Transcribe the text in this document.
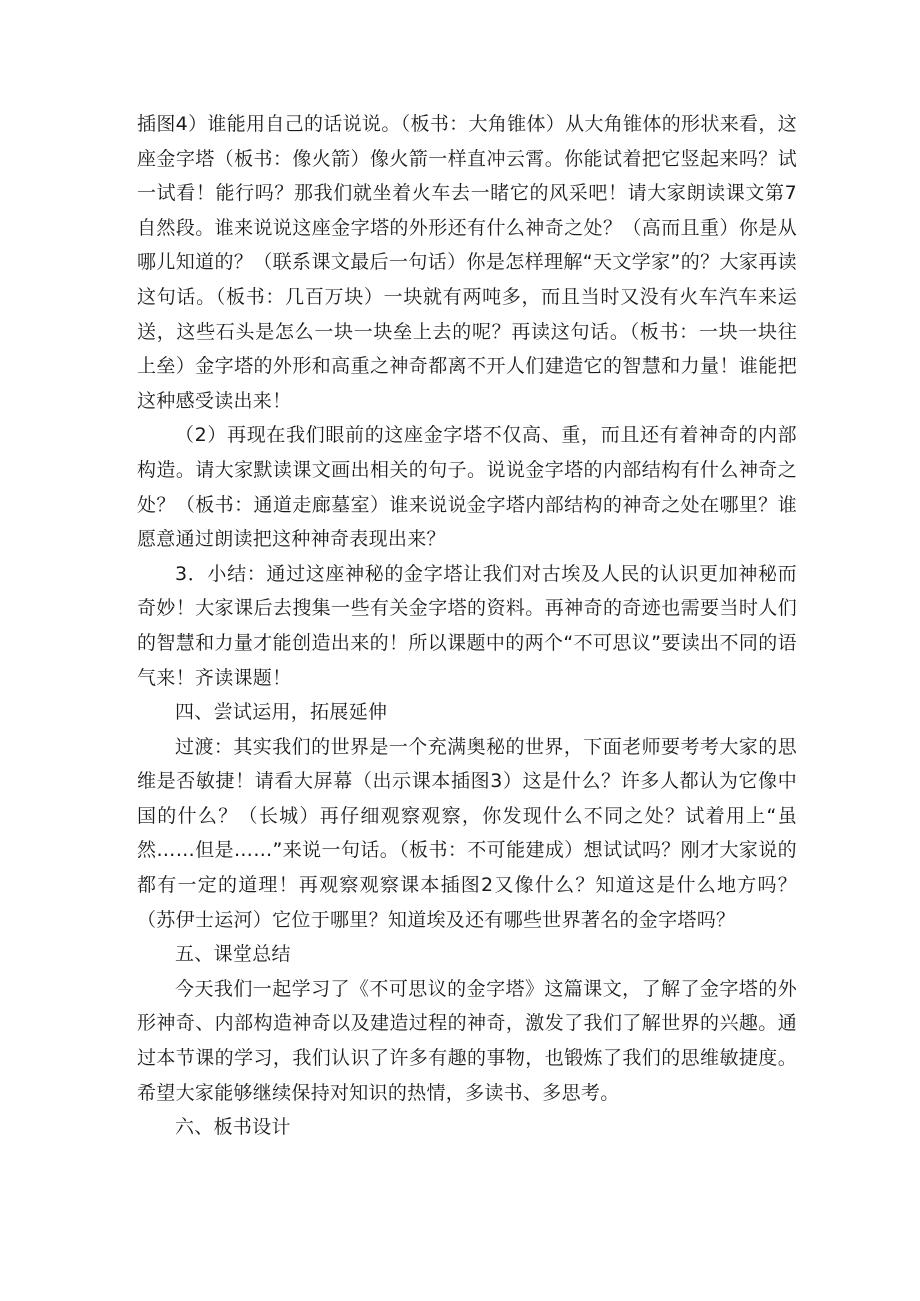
插图4）谁能用自己的话说说。（板书：大角锥体）从大角锥体的形状来看，这座金字塔（板书：像火箭）像火箭一样直冲云霄。你能试着把它竖起来吗？试一试看！能行吗？那我们就坐着火车去一睹它的风采吧！请大家朗读课文第7自然段。谁来说说这座金字塔的外形还有什么神奇之处？（高而且重）你是从哪儿知道的？（联系课文最后一句话）你是怎样理解“天文学家”的？大家再读这句话。（板书：几百万块）一块就有两吨多，而且当时又没有火车汽车来运送，这些石头是怎么一块一块垒上去的呢？再读这句话。（板书：一块一块往上垒）金字塔的外形和高重之神奇都离不开人们建造它的智慧和力量！谁能把这种感受读出来！

（2）再现在我们眼前的这座金字塔不仅高、重，而且还有着神奇的内部构造。请大家默读课文画出相关的句子。说说金字塔的内部结构有什么神奇之处？（板书：通道走廊墓室）谁来说说金字塔内部结构的神奇之处在哪里？谁愿意通过朗读把这种神奇表现出来？

3．小结：通过这座神秘的金字塔让我们对古埃及人民的认识更加神秘而奇妙！大家课后去搜集一些有关金字塔的资料。再神奇的奇迹也需要当时人们的智慧和力量才能创造出来的！所以课题中的两个“不可思议”要读出不同的语气来！齐读课题！

四、尝试运用，拓展延伸

过渡：其实我们的世界是一个充满奥秘的世界，下面老师要考考大家的思维是否敏捷！请看大屏幕（出示课本插图3）这是什么？许多人都认为它像中国的什么？（长城）再仔细观察观察，你发现什么不同之处？试着用上“虽然……但是……”来说一句话。（板书：不可能建成）想试试吗？刚才大家说的都有一定的道理！再观察观察课本插图2又像什么？知道这是什么地方吗？（苏伊士运河）它位于哪里？知道埃及还有哪些世界著名的金字塔吗？

五、课堂总结

今天我们一起学习了《不可思议的金字塔》这篇课文，了解了金字塔的外形神奇、内部构造神奇以及建造过程的神奇，激发了我们了解世界的兴趣。通过本节课的学习，我们认识了许多有趣的事物，也锻炼了我们的思维敏捷度。希望大家能够继续保持对知识的热情，多读书、多思考。

六、板书设计
